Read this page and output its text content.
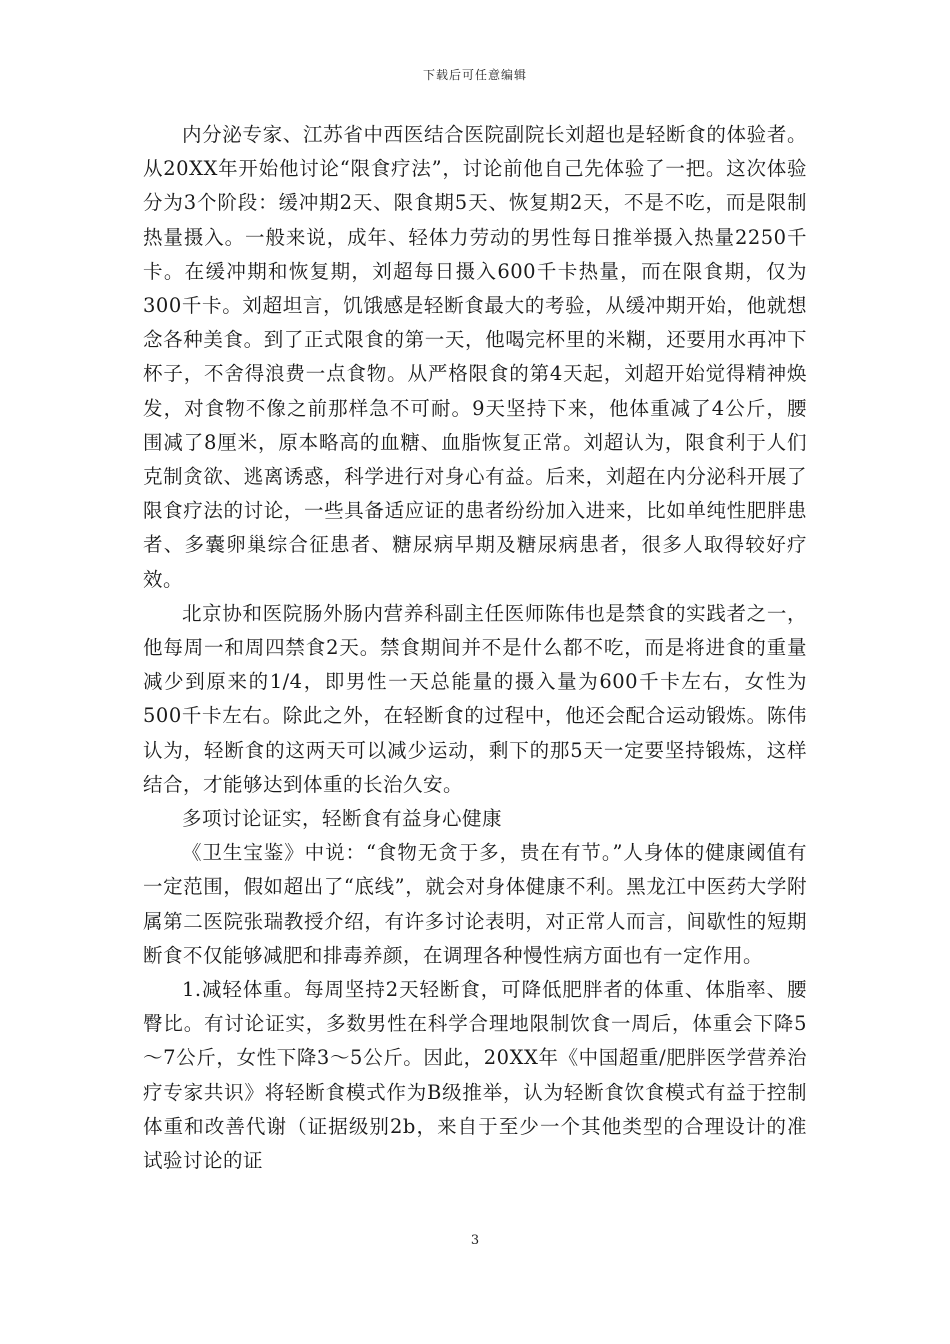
下载后可任意编辑

内分泌专家、江苏省中西医结合医院副院长刘超也是轻断食的体验者。从20XX年开始他讨论“限食疗法”，讨论前他自己先体验了一把。这次体验分为3个阶段：缓冲期2天、限食期5天、恢复期2天，不是不吃，而是限制热量摄入。一般来说，成年、轻体力劳动的男性每日推举摄入热量2250千卡。在缓冲期和恢复期，刘超每日摄入600千卡热量，而在限食期，仅为300千卡。刘超坦言，饥饿感是轻断食最大的考验，从缓冲期开始，他就想念各种美食。到了正式限食的第一天，他喝完杯里的米糊，还要用水再冲下杯子，不舍得浪费一点食物。从严格限食的第4天起，刘超开始觉得精神焕发，对食物不像之前那样急不可耐。9天坚持下来，他体重减了4公斤，腰围减了8厘米，原本略高的血糖、血脂恢复正常。刘超认为，限食利于人们克制贪欲、逃离诱惑，科学进行对身心有益。后来，刘超在内分泌科开展了限食疗法的讨论，一些具备适应证的患者纷纷加入进来，比如单纯性肥胖患者、多囊卵巢综合征患者、糖尿病早期及糖尿病患者，很多人取得较好疗效。

北京协和医院肠外肠内营养科副主任医师陈伟也是禁食的实践者之一，他每周一和周四禁食2天。禁食期间并不是什么都不吃，而是将进食的重量减少到原来的1/4，即男性一天总能量的摄入量为600千卡左右，女性为500千卡左右。除此之外，在轻断食的过程中，他还会配合运动锻炼。陈伟认为，轻断食的这两天可以减少运动，剩下的那5天一定要坚持锻炼，这样结合，才能够达到体重的长治久安。

多项讨论证实，轻断食有益身心健康

《卫生宝鉴》中说：“食物无贪于多，贵在有节。”人身体的健康阈值有一定范围，假如超出了“底线”，就会对身体健康不利。黑龙江中医药大学附属第二医院张瑞教授介绍，有许多讨论表明，对正常人而言，间歇性的短期断食不仅能够减肥和排毒养颜，在调理各种慢性病方面也有一定作用。

1.减轻体重。每周坚持2天轻断食，可降低肥胖者的体重、体脂率、腰臀比。有讨论证实，多数男性在科学合理地限制饮食一周后，体重会下降5～7公斤，女性下降3～5公斤。因此，20XX年《中国超重/肥胖医学营养治疗专家共识》将轻断食模式作为B级推举，认为轻断食饮食模式有益于控制体重和改善代谢（证据级别2b，来自于至少一个其他类型的合理设计的准试验讨论的证

3
